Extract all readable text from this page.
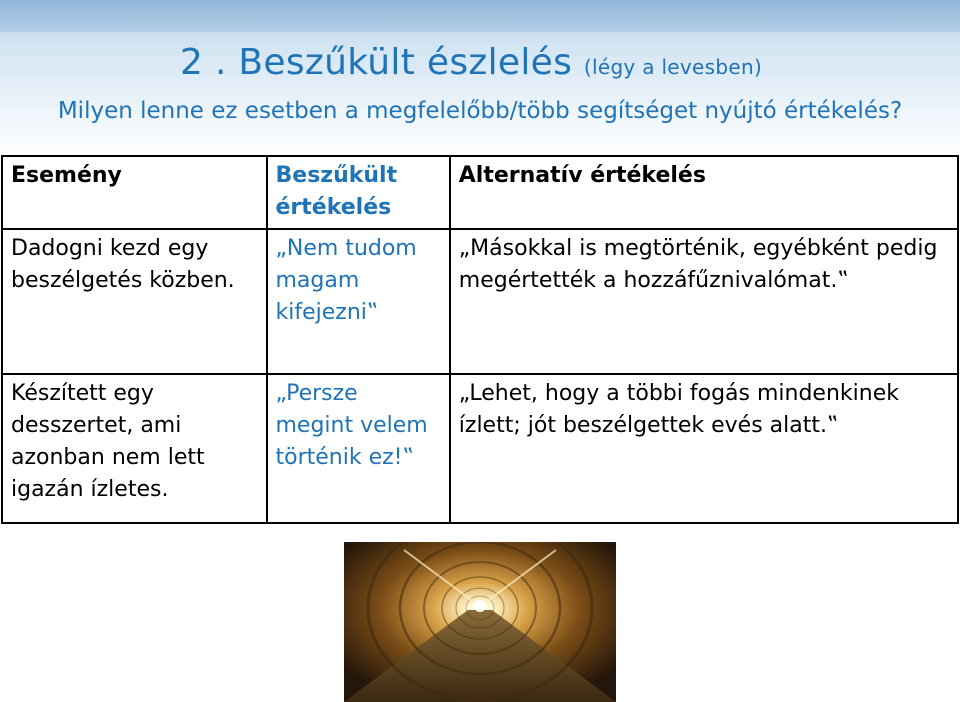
2 . Beszűkült észlelés (légy a levesben)

Milyen lenne ez esetben a megfelelőbb/több segítséget nyújtó értékelés?

Esemény	Beszűkült értékelés	Alternatív értékelés
Dadogni kezd egy beszélgetés közben.	„Nem tudom magam kifejezni‟	„Másokkal is megtörténik, egyébként pedig megértették a hozzáfűznivalómat.‟
Készített egy desszertet, ami azonban nem lett igazán ízletes.	„Persze megint velem történik ez!‟	„Lehet, hogy a többi fogás mindenkinek ízlett; jót beszélgettek evés alatt.‟
